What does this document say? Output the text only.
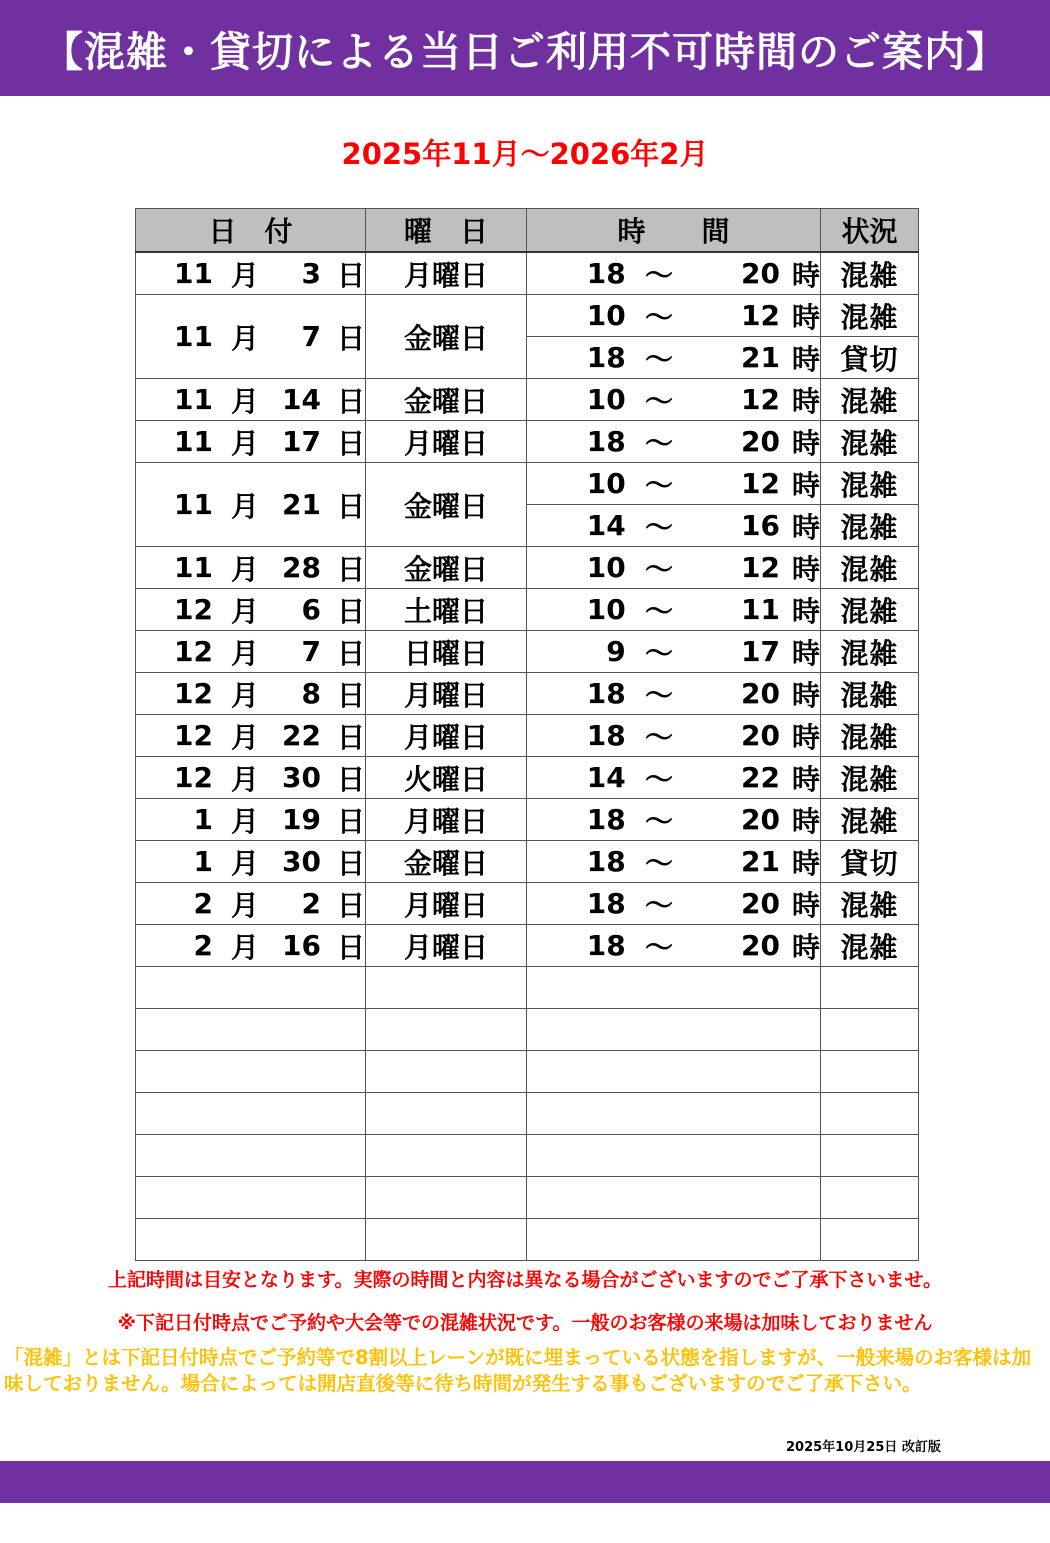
【混雑・貸切による当日ご利用不可時間のご案内】
2025年11月～2026年2月
日　付	曜　日	時　　間	状況

11 月 3 日	月曜日	18 ～ 20 時	混雑

11 月 7 日	金曜日	10 ～ 12 時	混雑

		18 ～ 21 時	貸切

11 月 14 日	金曜日	10 ～ 12 時	混雑

11 月 17 日	月曜日	18 ～ 20 時	混雑

11 月 21 日	金曜日	10 ～ 12 時	混雑

		14 ～ 16 時	混雑

11 月 28 日	金曜日	10 ～ 12 時	混雑

12 月 6 日	土曜日	10 ～ 11 時	混雑

12 月 7 日	日曜日	9 ～ 17 時	混雑

12 月 8 日	月曜日	18 ～ 20 時	混雑

12 月 22 日	月曜日	18 ～ 20 時	混雑

12 月 30 日	火曜日	14 ～ 22 時	混雑

1 月 19 日	月曜日	18 ～ 20 時	混雑

1 月 30 日	金曜日	18 ～ 21 時	貸切

2 月 2 日	月曜日	18 ～ 20 時	混雑

2 月 16 日	月曜日	18 ～ 20 時	混雑

上記時間は目安となります。実際の時間と内容は異なる場合がございますのでご了承下さいませ。
※下記日付時点でご予約や大会等での混雑状況です。一般のお客様の来場は加味しておりません
「混雑」とは下記日付時点でご予約等で8割以上レーンが既に埋まっている状態を指しますが、一般来場のお客様は加味しておりません。場合によっては開店直後等に待ち時間が発生する事もございますのでご了承下さい。
2025年10月25日 改訂版
